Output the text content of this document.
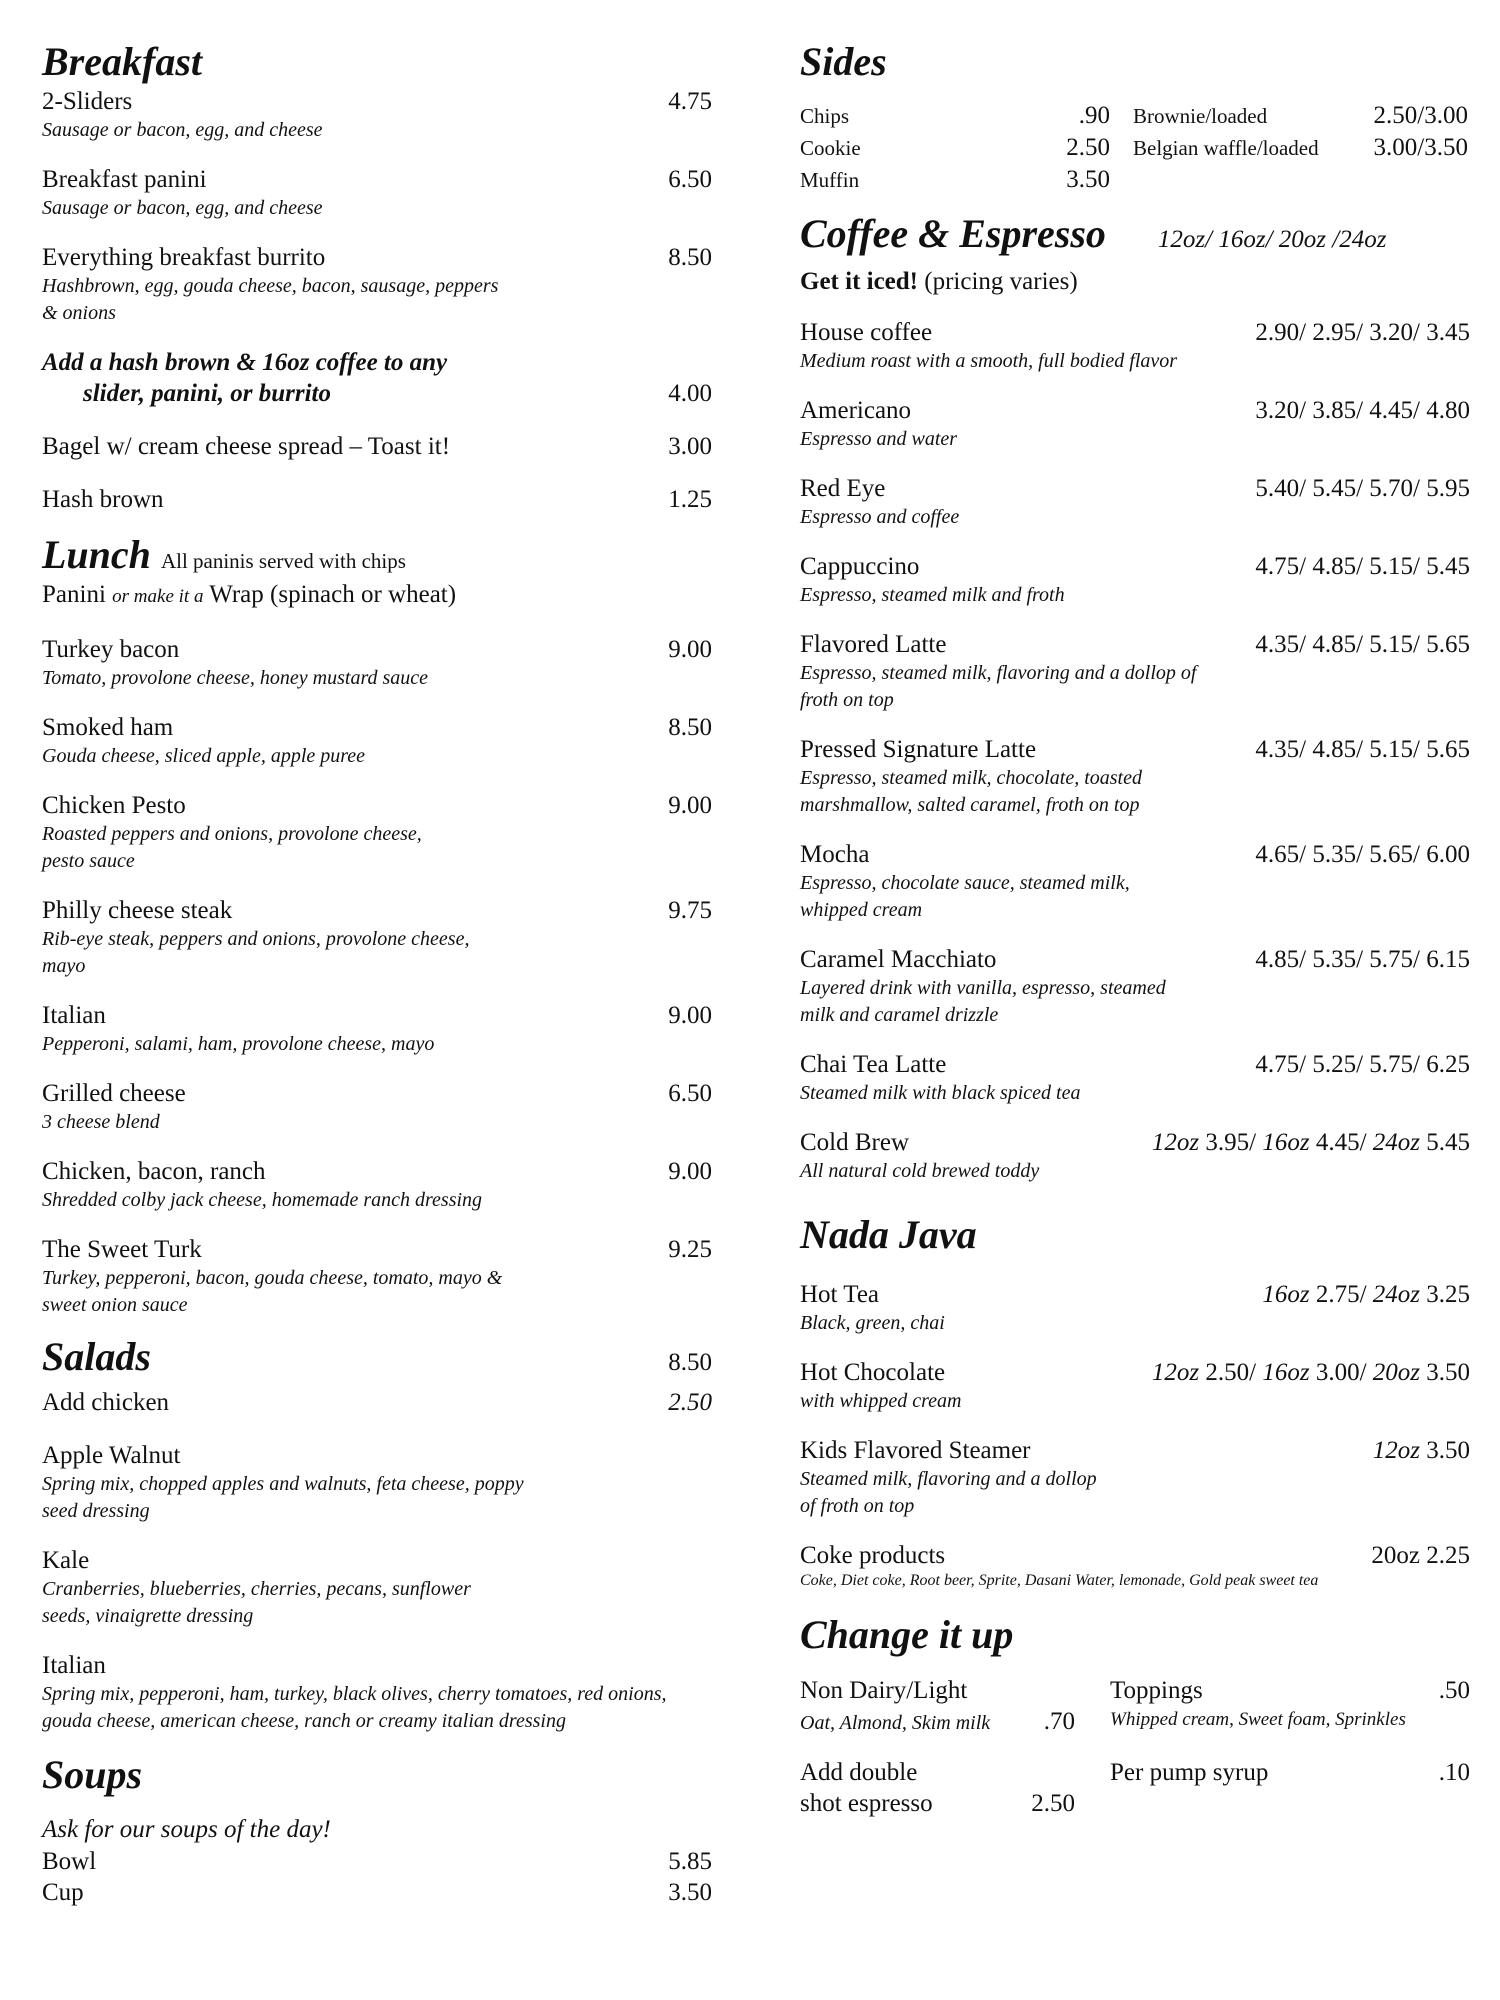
Breakfast
2-Sliders	4.75
Sausage or bacon, egg, and cheese
Breakfast panini	6.50
Sausage or bacon, egg, and cheese
Everything breakfast burrito	8.50
Hashbrown, egg, gouda cheese, bacon, sausage, peppers & onions
Add a hash brown & 16oz coffee to any
slider, panini, or burrito	4.00
Bagel w/ cream cheese spread – Toast it!	3.00
Hash brown	1.25
Lunch All paninis served with chips
Panini or make it a Wrap (spinach or wheat)
Turkey bacon	9.00
Tomato, provolone cheese, honey mustard sauce
Smoked ham	8.50
Gouda cheese, sliced apple, apple puree
Chicken Pesto	9.00
Roasted peppers and onions, provolone cheese, pesto sauce
Philly cheese steak	9.75
Rib-eye steak, peppers and onions, provolone cheese, mayo
Italian	9.00
Pepperoni, salami, ham, provolone cheese, mayo
Grilled cheese	6.50
3 cheese blend
Chicken, bacon, ranch	9.00
Shredded colby jack cheese, homemade ranch dressing
The Sweet Turk	9.25
Turkey, pepperoni, bacon, gouda cheese, tomato, mayo & sweet onion sauce
Salads	8.50
Add chicken	2.50
Apple Walnut
Spring mix, chopped apples and walnuts, feta cheese, poppy seed dressing
Kale
Cranberries, blueberries, cherries, pecans, sunflower seeds, vinaigrette dressing
Italian
Spring mix, pepperoni, ham, turkey, black olives, cherry tomatoes, red onions, gouda cheese, american cheese, ranch or creamy italian dressing
Soups
Ask for our soups of the day!
Bowl	5.85
Cup	3.50
Sides
Chips	.90
Cookie	2.50
Muffin	3.50
Brownie/loaded	2.50/3.00
Belgian waffle/loaded 3.00/3.50
Coffee & Espresso 12oz/ 16oz/ 20oz /24oz
Get it iced! (pricing varies)
House coffee	2.90/ 2.95/ 3.20/ 3.45
Medium roast with a smooth, full bodied flavor
Americano	3.20/ 3.85/ 4.45/ 4.80
Espresso and water
Red Eye	5.40/ 5.45/ 5.70/ 5.95
Espresso and coffee
Cappuccino	4.75/ 4.85/ 5.15/ 5.45
Espresso, steamed milk and froth
Flavored Latte	4.35/ 4.85/ 5.15/ 5.65
Espresso, steamed milk, flavoring and a dollop of froth on top
Pressed Signature Latte	4.35/ 4.85/ 5.15/ 5.65
Espresso, steamed milk, chocolate, toasted marshmallow, salted caramel, froth on top
Mocha	4.65/ 5.35/ 5.65/ 6.00
Espresso, chocolate sauce, steamed milk, whipped cream
Caramel Macchiato	4.85/ 5.35/ 5.75/ 6.15
Layered drink with vanilla, espresso, steamed milk and caramel drizzle
Chai Tea Latte	4.75/ 5.25/ 5.75/ 6.25
Steamed milk with black spiced tea
Cold Brew	12oz 3.95/ 16oz 4.45/ 24oz 5.45
All natural cold brewed toddy
Nada Java
Hot Tea	16oz 2.75/ 24oz 3.25
Black, green, chai
Hot Chocolate	12oz 2.50/ 16oz 3.00/ 20oz 3.50
with whipped cream
Kids Flavored Steamer	12oz 3.50
Steamed milk, flavoring and a dollop of froth on top
Coke products	20oz 2.25
Coke, Diet coke, Root beer, Sprite, Dasani Water, lemonade, Gold peak sweet tea
Change it up
Non Dairy/Light
Oat, Almond, Skim milk .70
Toppings	.50
Whipped cream, Sweet foam, Sprinkles
Add double
shot espresso	2.50
Per pump syrup	.10
